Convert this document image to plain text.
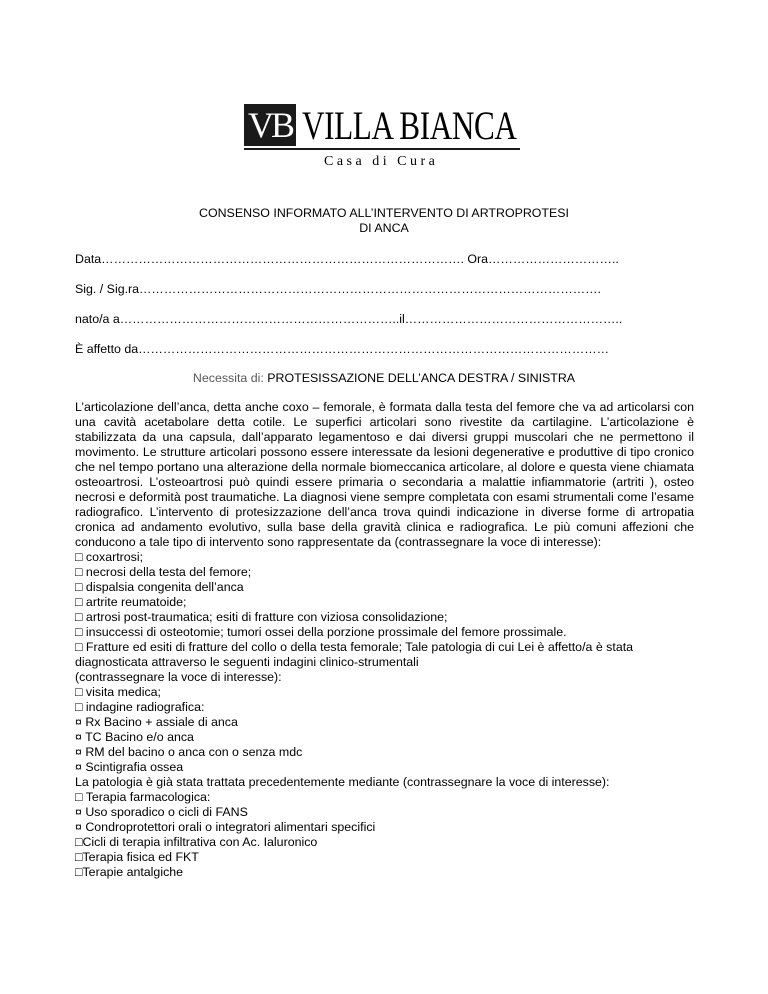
VB VILLA BIANCA
Casa di Cura
CONSENSO INFORMATO ALL’INTERVENTO DI ARTROPROTESI
DI ANCA
Data……………………………………………………………………………. Ora…………………………..
Sig. / Sig.ra………………………………………………………………………………………………….
nato/a a…………………………………………………………..il……………………………………………..
È affetto da……………………………………………………………………………………………………
Necessita di: PROTESISSAZIONE DELL’ANCA DESTRA / SINISTRA

L’articolazione dell’anca, detta anche coxo – femorale, è formata dalla testa del femore che va ad articolarsi con una cavità acetabolare detta cotile. Le superfici articolari sono rivestite da cartilagine. L’articolazione è stabilizzata da una capsula, dall’apparato legamentoso e dai diversi gruppi muscolari che ne permettono il movimento. Le strutture articolari possono essere interessate da lesioni degenerative e produttive di tipo cronico che nel tempo portano una alterazione della normale biomeccanica articolare, al dolore e questa viene chiamata osteoartrosi. L’osteoartrosi può quindi essere primaria o secondaria a malattie infiammatorie (artriti ), osteo necrosi e deformità post traumatiche. La diagnosi viene sempre completata con esami strumentali come l’esame radiografico. L’intervento di protesizzazione dell’anca trova quindi indicazione in diverse forme di artropatia cronica ad andamento evolutivo, sulla base della gravità clinica e radiografica. Le più comuni affezioni che conducono a tale tipo di intervento sono rappresentate da (contrassegnare la voce di interesse):

□ coxartrosi;
□ necrosi della testa del femore;
□ dispalsia congenita dell’anca
□ artrite reumatoide;
□ artrosi post-traumatica; esiti di fratture con viziosa consolidazione;
□ insuccessi di osteotomie; tumori ossei della porzione prossimale del femore prossimale.
□ Fratture ed esiti di fratture del collo o della testa femorale; Tale patologia di cui Lei è affetto/a è stata diagnosticata attraverso le seguenti indagini clinico-strumentali
(contrassegnare la voce di interesse):
□ visita medica;
□ indagine radiografica:
¤ Rx Bacino + assiale di anca
¤ TC Bacino e/o anca
¤ RM del bacino o anca con o senza mdc
¤ Scintigrafia ossea
La patologia è già stata trattata precedentemente mediante (contrassegnare la voce di interesse):
□ Terapia farmacologica:
¤ Uso sporadico o cicli di FANS
¤ Condroprotettori orali o integratori alimentari specifici
□Cicli di terapia infiltrativa con Ac. Ialuronico
□Terapia fisica ed FKT
□Terapie antalgiche
